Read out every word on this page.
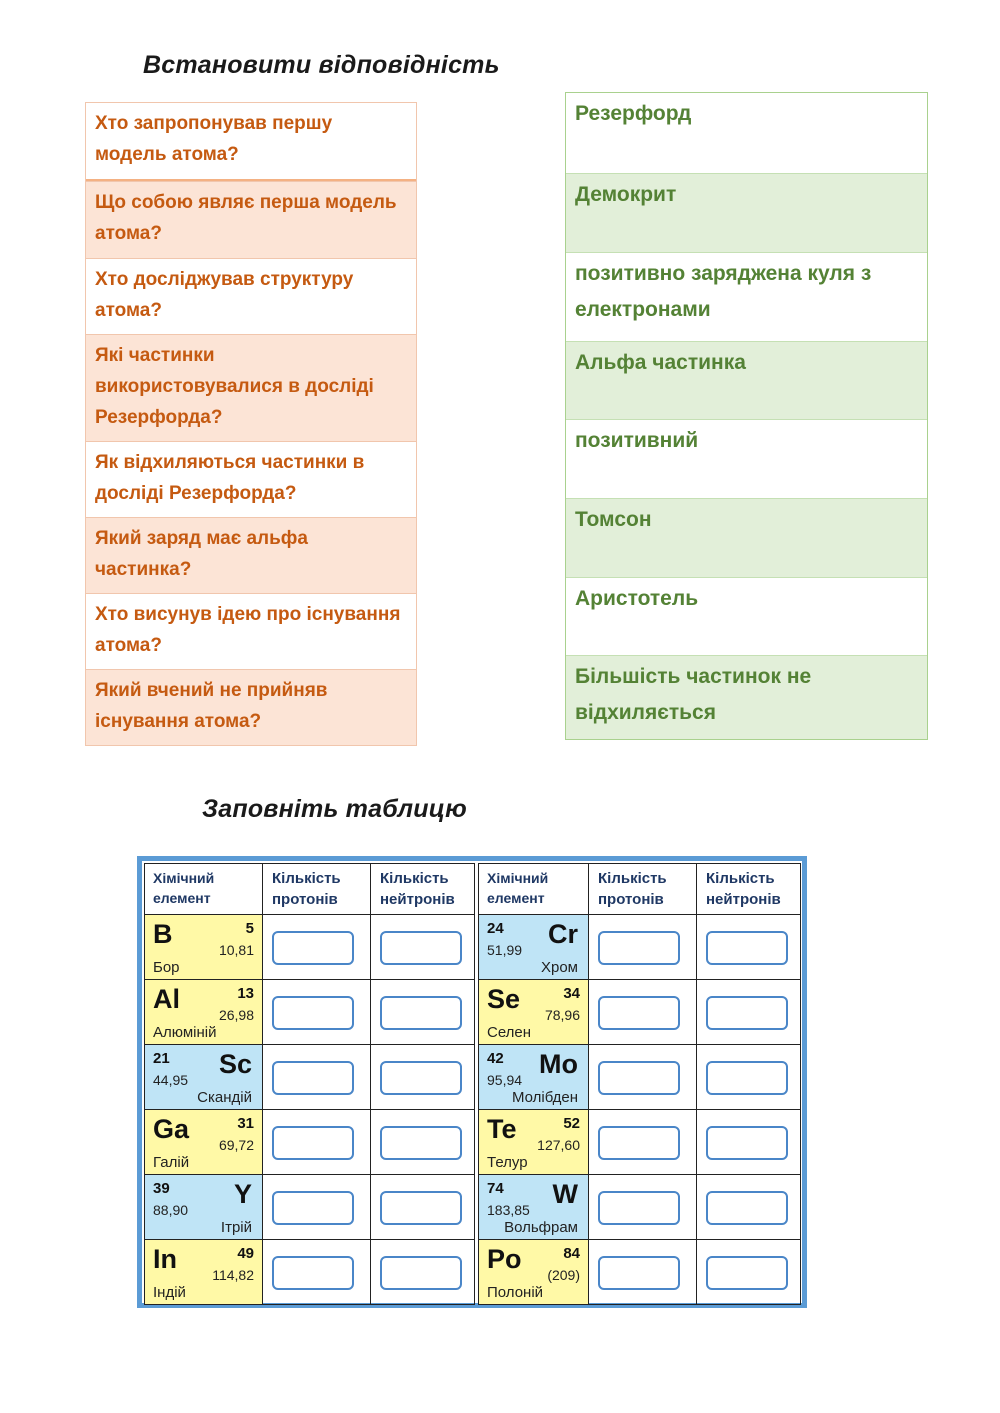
Встановити відповідність
Хто запропонував першу модель атома?
Що собою являє перша модель атома?
Хто досліджував структуру атома?
Які частинки використовувалися в досліді Резерфорда?
Як відхиляються частинки в досліді Резерфорда?
Який заряд має альфа частинка?
Хто висунув ідею про існування атома?
Який вчений не прийняв існування атома?
Резерфорд
Демокрит
позитивно заряджена куля з електронами
Альфа частинка
позитивний
Томсон
Аристотель
Більшість частинок не відхиляється
Заповніть таблицю
Хімічний елемент	Кількість протонів	Кількість нейтронів

B 5
10,81
Бор		

Al 13
26,98
Алюміній		

Sc
21
44,95
Скандій		

Ga 31
69,72
Галій		

Y
39
88,90
Ітрій		

In 49
114,82
Індій		

Хімічний елемент	Кількість протонів	Кількість нейтронів

Cr
24
51,99
Хром		

Se 34
78,96
Селен		

Mo
42
95,94
Молібден		

Te 52
127,60
Телур		

W
74
183,85
Вольфрам		

Po 84
(209)
Полоній		
